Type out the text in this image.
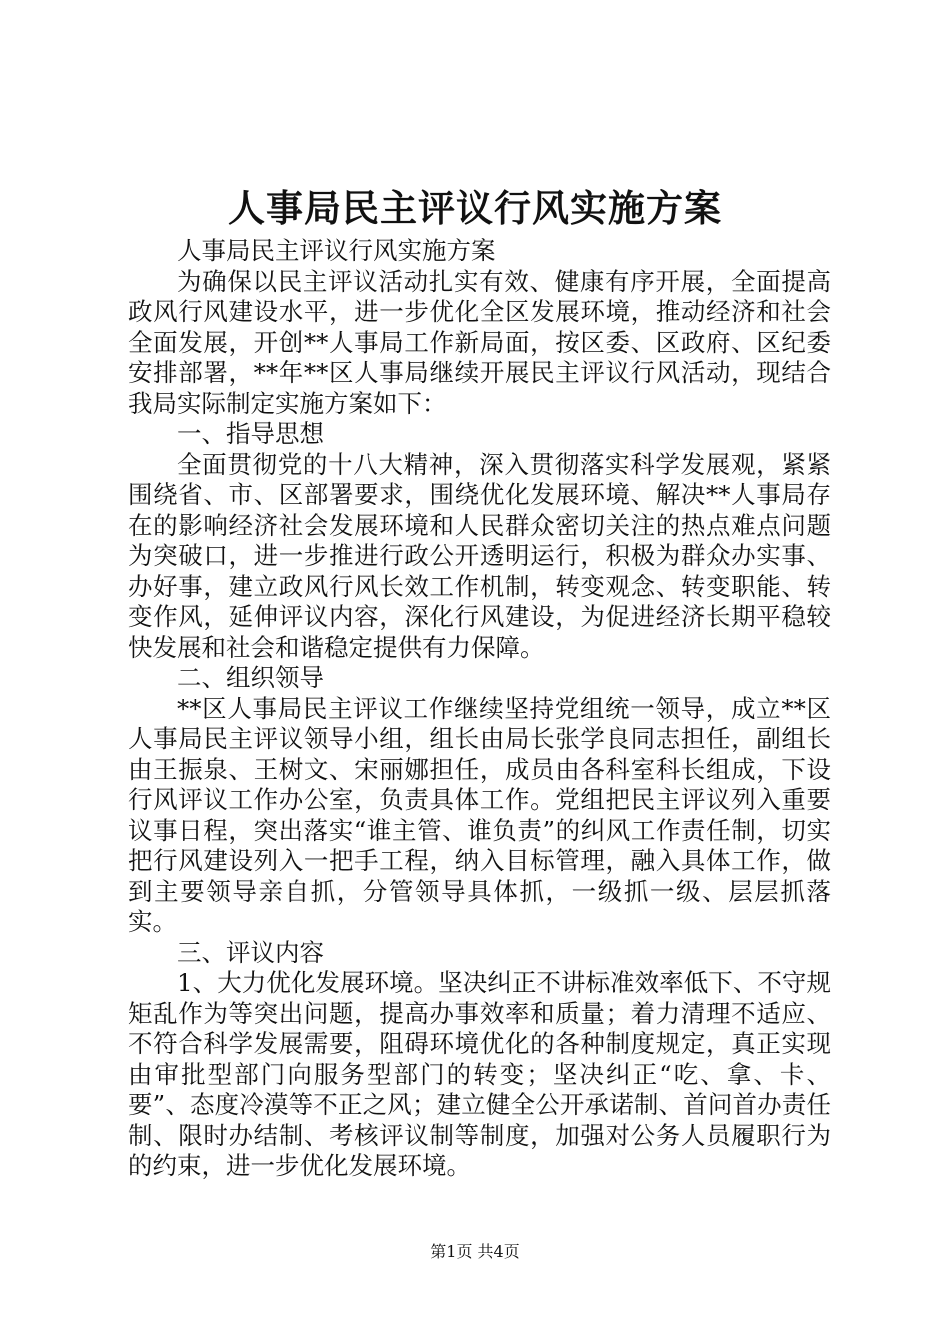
人事局民主评议行风实施方案

人事局民主评议行风实施方案

为确保以民主评议活动扎实有效、健康有序开展，全面提高政风行风建设水平，进一步优化全区发展环境，推动经济和社会全面发展，开创**人事局工作新局面，按区委、区政府、区纪委安排部署，**年**区人事局继续开展民主评议行风活动，现结合我局实际制定实施方案如下：

一、指导思想

全面贯彻党的十八大精神，深入贯彻落实科学发展观，紧紧围绕省、市、区部署要求，围绕优化发展环境、解决**人事局存在的影响经济社会发展环境和人民群众密切关注的热点难点问题为突破口，进一步推进行政公开透明运行，积极为群众办实事、办好事，建立政风行风长效工作机制，转变观念、转变职能、转变作风，延伸评议内容，深化行风建设，为促进经济长期平稳较快发展和社会和谐稳定提供有力保障。

二、组织领导

**区人事局民主评议工作继续坚持党组统一领导，成立**区人事局民主评议领导小组，组长由局长张学良同志担任，副组长由王振泉、王树文、宋丽娜担任，成员由各科室科长组成，下设行风评议工作办公室，负责具体工作。党组把民主评议列入重要议事日程，突出落实“谁主管、谁负责”的纠风工作责任制，切实把行风建设列入一把手工程，纳入目标管理，融入具体工作，做到主要领导亲自抓，分管领导具体抓，一级抓一级、层层抓落实。

三、评议内容

1、大力优化发展环境。坚决纠正不讲标准效率低下、不守规矩乱作为等突出问题，提高办事效率和质量；着力清理不适应、不符合科学发展需要，阻碍环境优化的各种制度规定，真正实现由审批型部门向服务型部门的转变；坚决纠正“吃、拿、卡、要”、态度冷漠等不正之风；建立健全公开承诺制、首问首办责任制、限时办结制、考核评议制等制度，加强对公务人员履职行为的约束，进一步优化发展环境。

第1页 共4页
